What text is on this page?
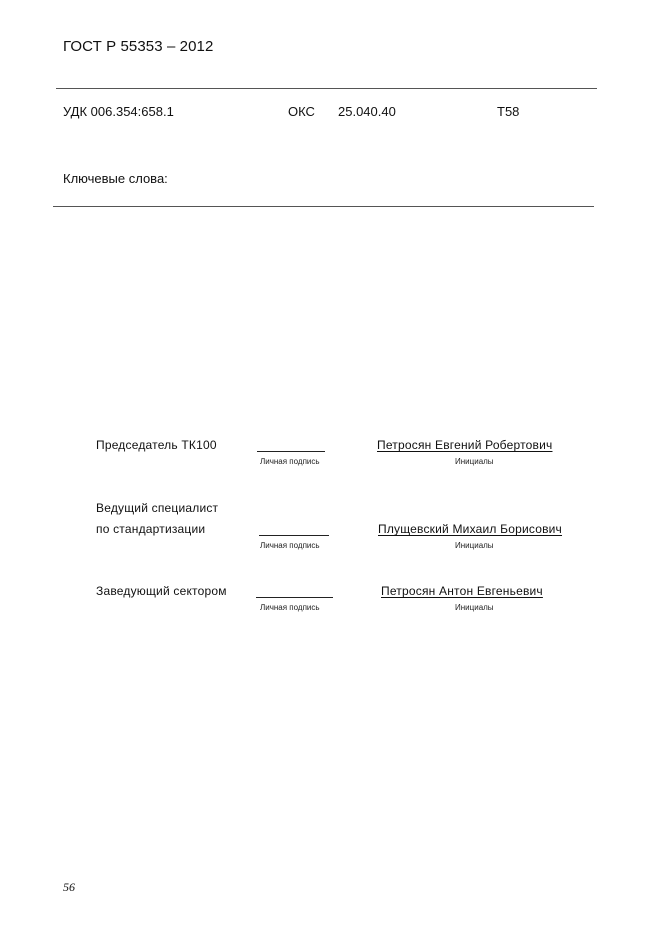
ГОСТ Р 55353 – 2012
УДК 006.354:658.1	ОКС 25.040.40	Т58
Ключевые слова:
Председатель ТК100
Личная подпись
Петросян Евгений Робертович
Инициалы
Ведущий специалист
по стандартизации
Личная подпись
Плущевский Михаил Борисович
Инициалы
Заведующий сектором
Личная подпись
Петросян Антон Евгеньевич
Инициалы
56
